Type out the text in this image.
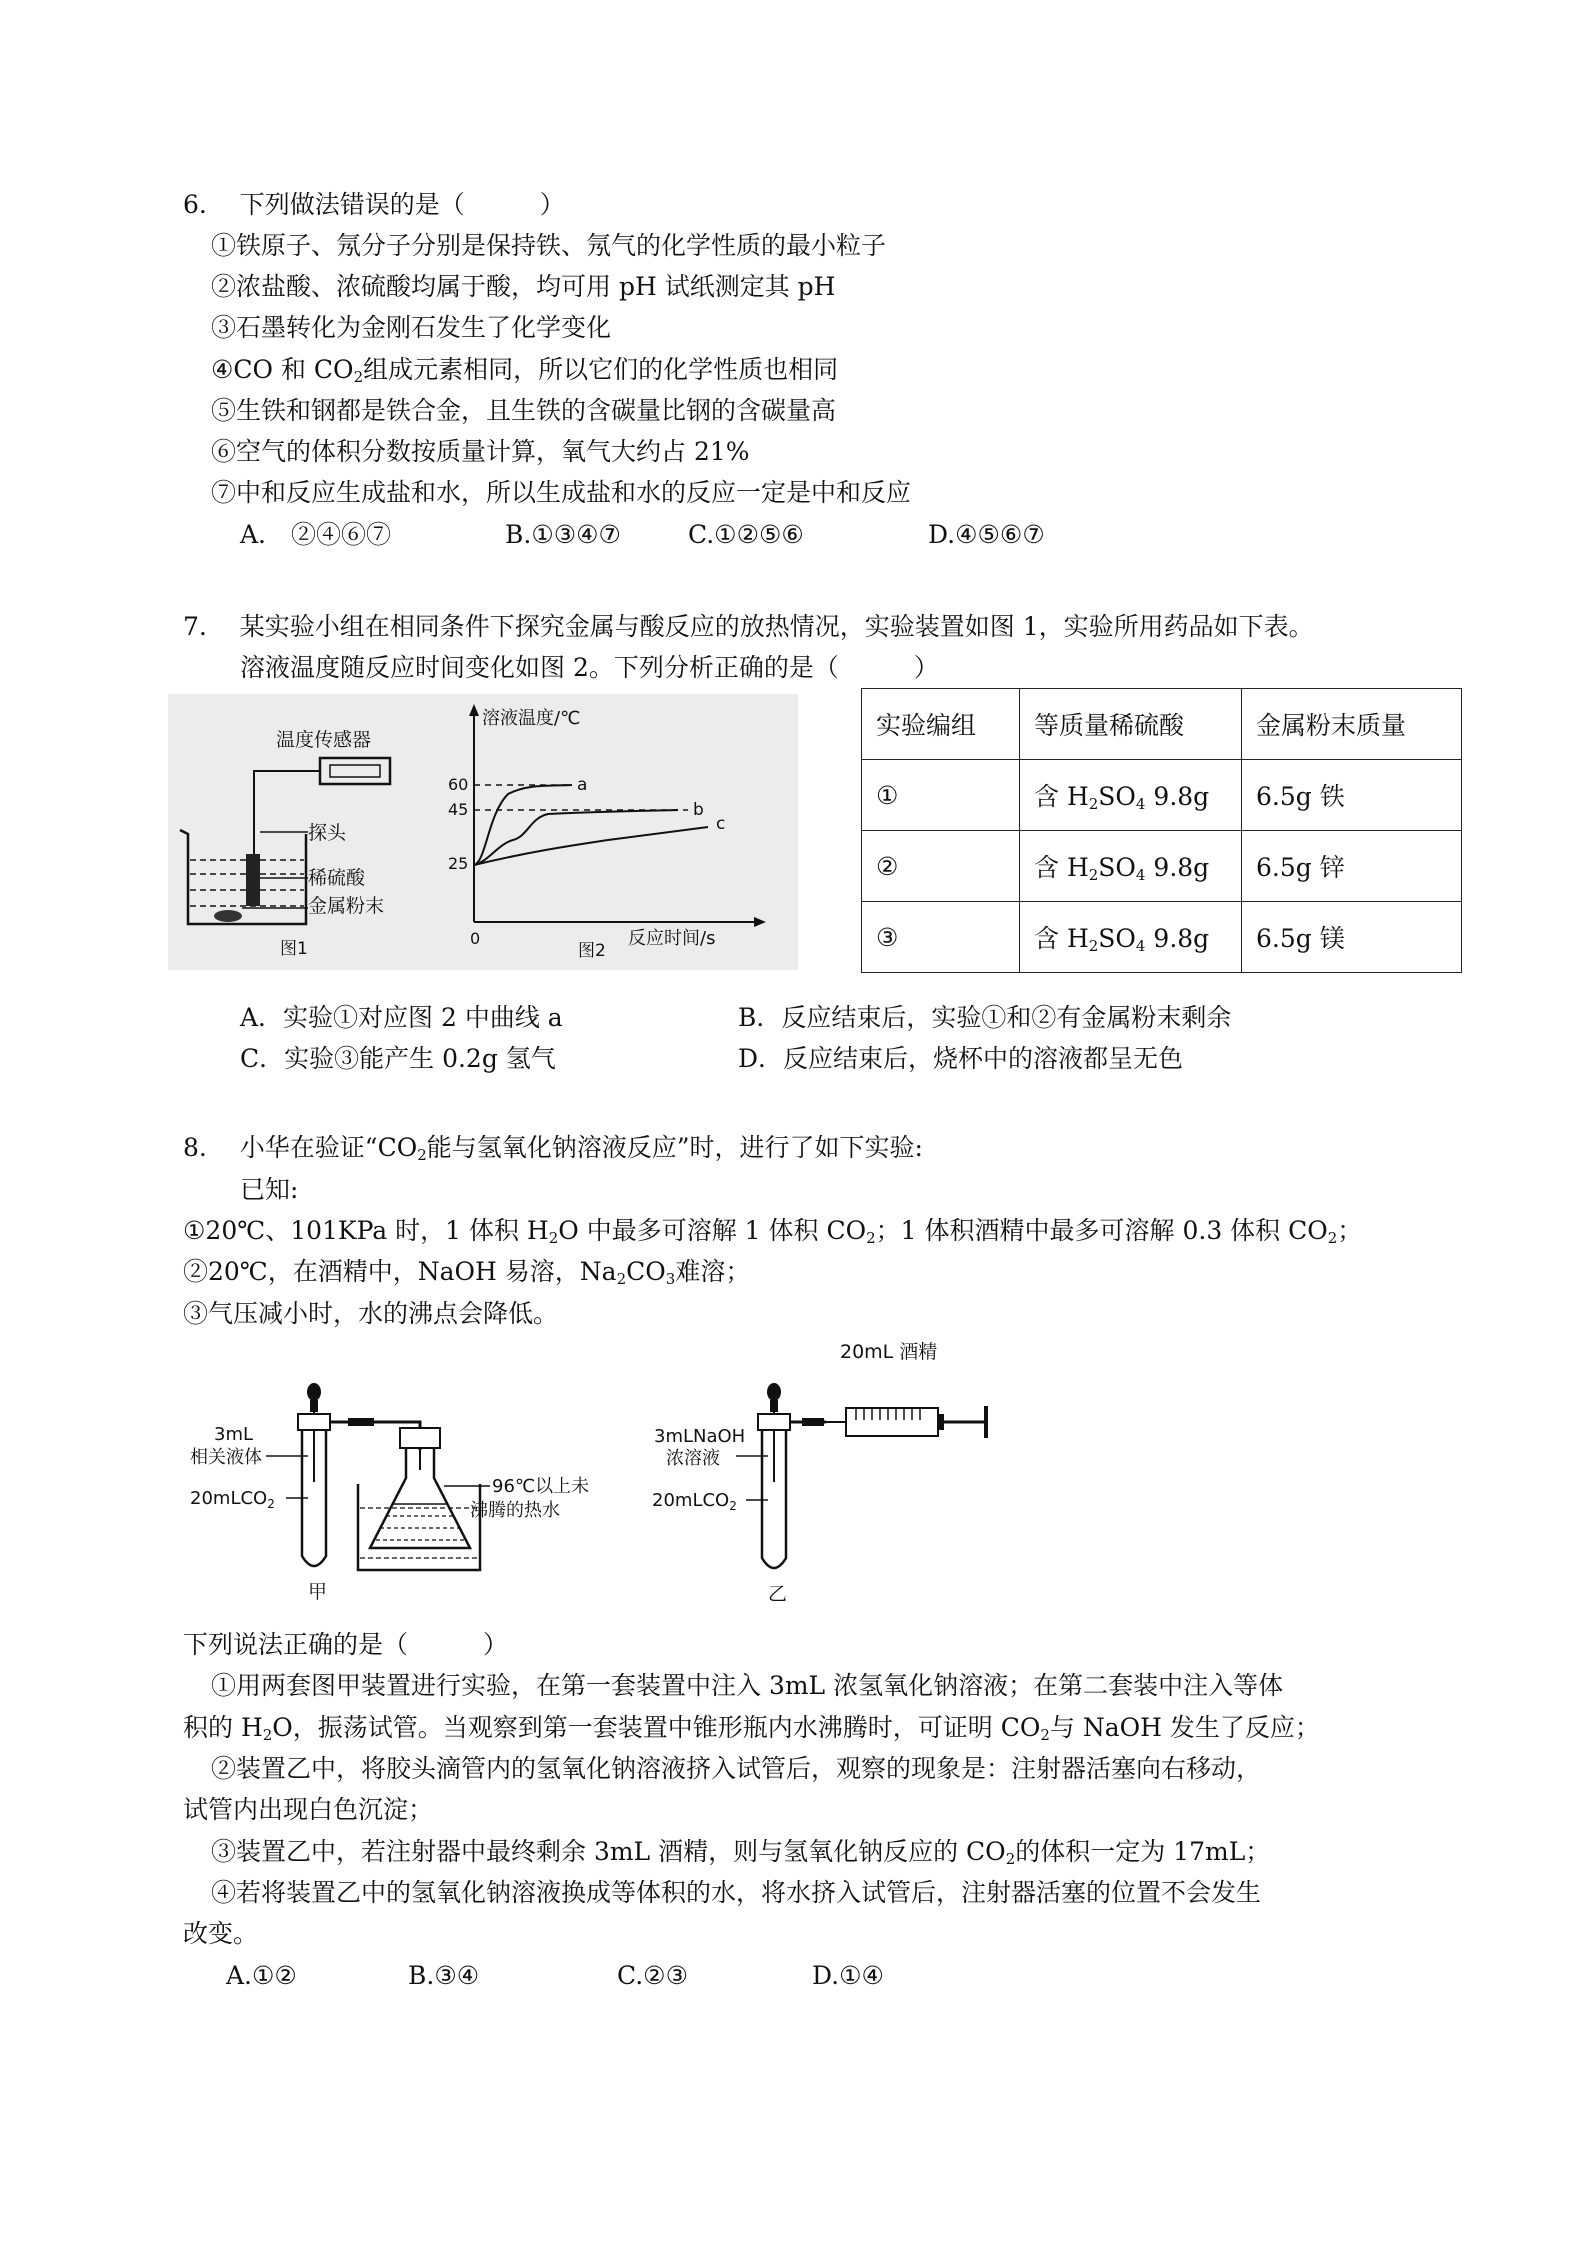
6.　 下列做法错误的是（　　　）
①铁原子、氖分子分别是保持铁、氖气的化学性质的最小粒子
②浓盐酸、浓硫酸均属于酸，均可用 pH 试纸测定其 pH
③石墨转化为金刚石发生了化学变化
④CO 和 $CO_2$组成元素相同，所以它们的化学性质也相同
⑤生铁和钢都是铁合金，且生铁的含碳量比钢的含碳量高
⑥空气的体积分数按质量计算，氧气大约占 21%
⑦中和反应生成盐和水，所以生成盐和水的反应一定是中和反应
A.　②④⑥⑦	B.①③④⑦	C.①②⑤⑥	D.④⑤⑥⑦
7.　 某实验小组在相同条件下探究金属与酸反应的放热情况，实验装置如图 1，实验所用药品如下表。
溶液温度随反应时间变化如图 2。下列分析正确的是（　　　）
温度传感器
探头
稀硫酸
金属粉末
图1
溶液温度/℃
60
45
25
0
a
b
c
反应时间/s
图2
实验编组	等质量稀硫酸	金属粉末质量
①	含 $H_2SO_4$ 9.8g	6.5g 铁
②	含 $H_2SO_4$ 9.8g	6.5g 锌
③	含 $H_2SO_4$ 9.8g	6.5g 镁
A．实验①对应图 2 中曲线 a	B．反应结束后，实验①和②有金属粉末剩余
C．实验③能产生 0.2g 氢气	D．反应结束后，烧杯中的溶液都呈无色
8.　 小华在验证“$CO_2$能与氢氧化钠溶液反应”时，进行了如下实验:
已知:
①20℃、101KPa 时，1 体积 $H_2O$ 中最多可溶解 1 体积 $CO_2$；1 体积酒精中最多可溶解 0.3 体积 $CO_2$；
②20℃，在酒精中，NaOH 易溶，$Na_2CO_3$难溶；
③气压减小时，水的沸点会降低。
3mL
相关液体
20mLCO$_2$
96℃以上未
沸腾的热水
甲
20mL 酒精
3mLNaOH
浓溶液
20mLCO$_2$
乙
下列说法正确的是（　　　）
①用两套图甲装置进行实验，在第一套装置中注入 3mL 浓氢氧化钠溶液；在第二套装中注入等体
积的 $H_2O$，振荡试管。当观察到第一套装置中锥形瓶内水沸腾时，可证明 $CO_2$与 NaOH 发生了反应；
②装置乙中，将胶头滴管内的氢氧化钠溶液挤入试管后，观察的现象是：注射器活塞向右移动，
试管内出现白色沉淀；
③装置乙中，若注射器中最终剩余 3mL 酒精，则与氢氧化钠反应的 $CO_2$的体积一定为 17mL；
④若将装置乙中的氢氧化钠溶液换成等体积的水，将水挤入试管后，注射器活塞的位置不会发生
改变。
A.①②	B.③④	C.②③	D.①④
